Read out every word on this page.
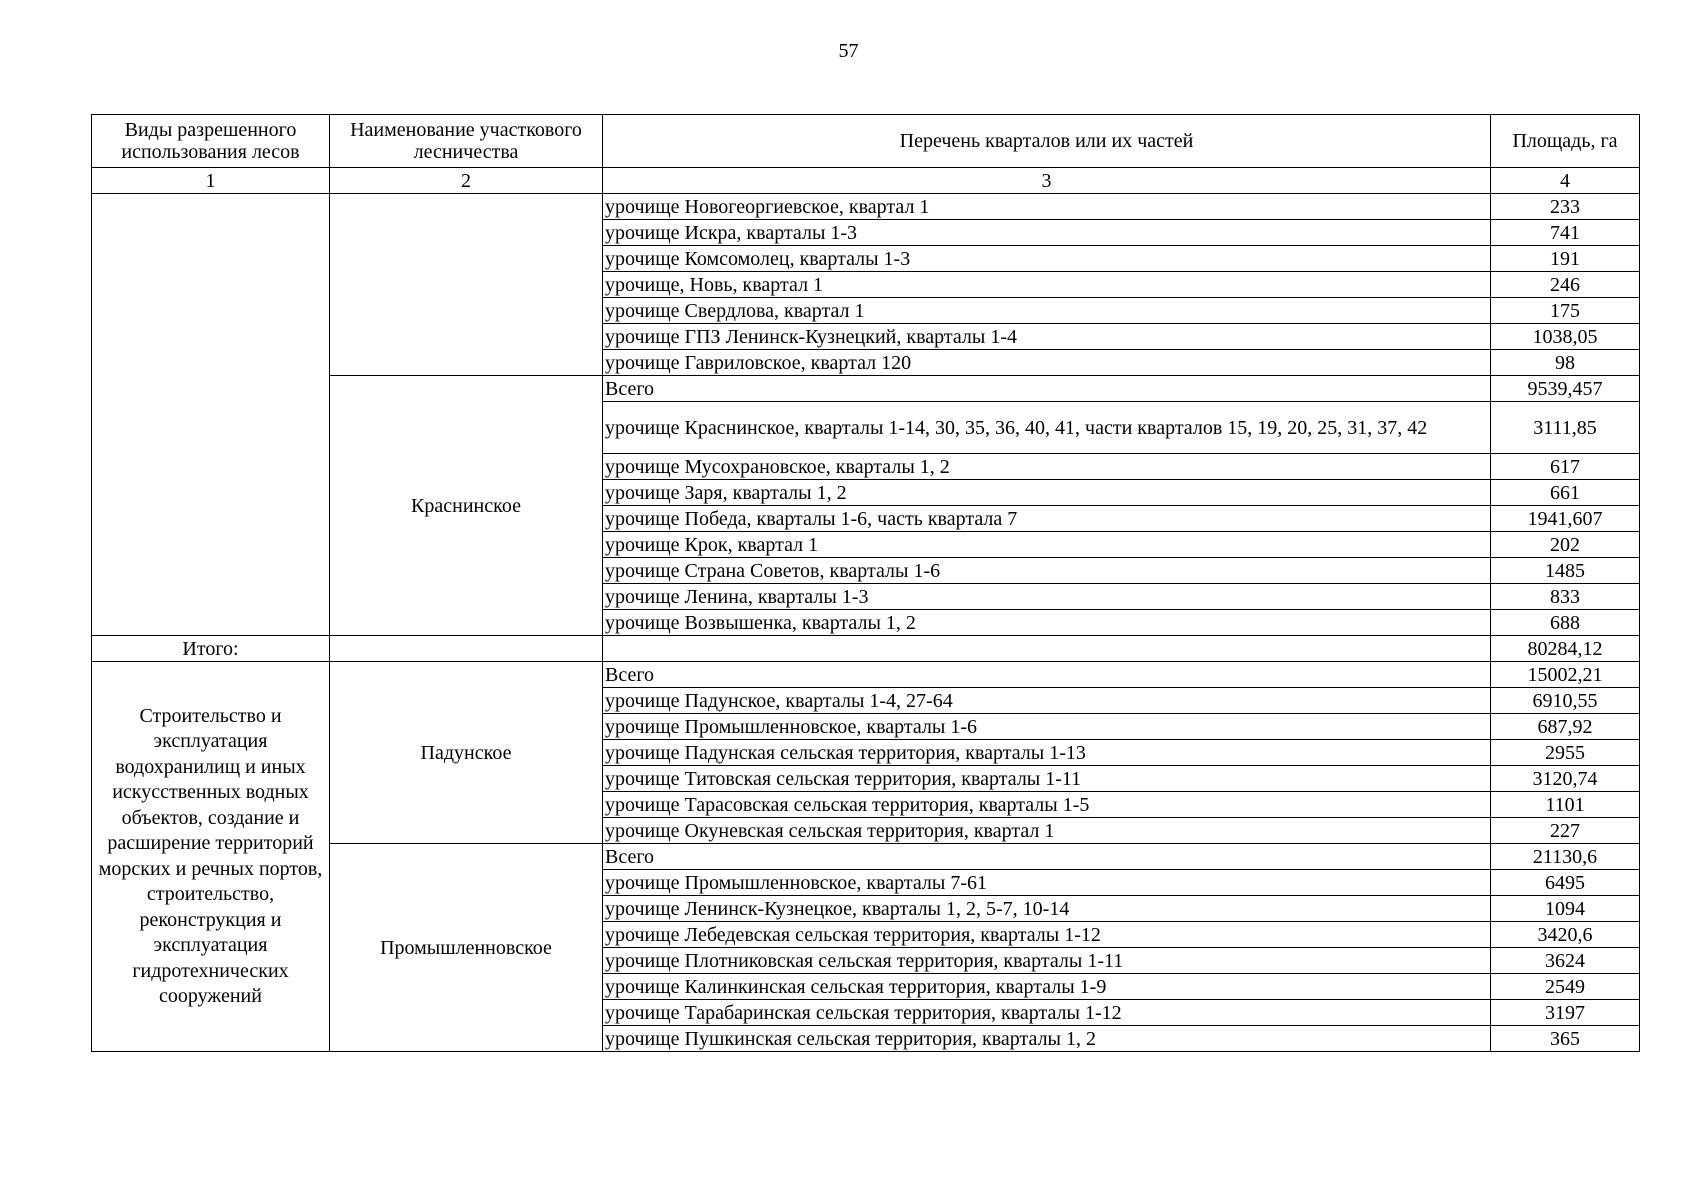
57
Виды разрешенного использования лесов	Наименование участкового лесничества	Перечень кварталов или их частей	Площадь, га
1	2	3	4
		урочище Новогеоргиевское, квартал 1	233
		урочище Искра, кварталы 1-3	741
		урочище Комсомолец, кварталы 1-3	191
		урочище, Новь, квартал 1	246
		урочище Свердлова, квартал 1	175
		урочище ГПЗ Ленинск-Кузнецкий, кварталы 1-4	1038,05
		урочище Гавриловское, квартал 120	98
	Краснинское	Всего	9539,457
		урочище Краснинское, кварталы 1-14, 30, 35, 36, 40, 41, части кварталов 15, 19, 20, 25, 31, 37, 42	3111,85
		урочище Мусохрановское, кварталы 1, 2	617
		урочище Заря, кварталы 1, 2	661
		урочище Победа, кварталы 1-6, часть квартала 7	1941,607
		урочище Крок, квартал 1	202
		урочище Страна Советов, кварталы 1-6	1485
		урочище Ленина, кварталы 1-3	833
		урочище Возвышенка, кварталы 1, 2	688
Итого:			80284,12
Строительство и эксплуатация водохранилищ и иных искусственных водных объектов, создание и расширение территорий морских и речных портов, строительство, реконструкция и эксплуатация гидротехнических сооружений	Падунское	Всего	15002,21
		урочище Падунское, кварталы 1-4, 27-64	6910,55
		урочище Промышленновское, кварталы 1-6	687,92
		урочище Падунская сельская территория, кварталы 1-13	2955
		урочище Титовская сельская территория, кварталы 1-11	3120,74
		урочище Тарасовская сельская территория, кварталы 1-5	1101
		урочище Окуневская сельская территория, квартал 1	227
	Промышленновское	Всего	21130,6
		урочище Промышленновское, кварталы 7-61	6495
		урочище Ленинск-Кузнецкое, кварталы 1, 2, 5-7, 10-14	1094
		урочище Лебедевская сельская территория, кварталы 1-12	3420,6
		урочище Плотниковская сельская территория, кварталы 1-11	3624
		урочище Калинкинская сельская территория, кварталы 1-9	2549
		урочище Тарабаринская сельская территория, кварталы 1-12	3197
		урочище Пушкинская сельская территория, кварталы 1, 2	365
